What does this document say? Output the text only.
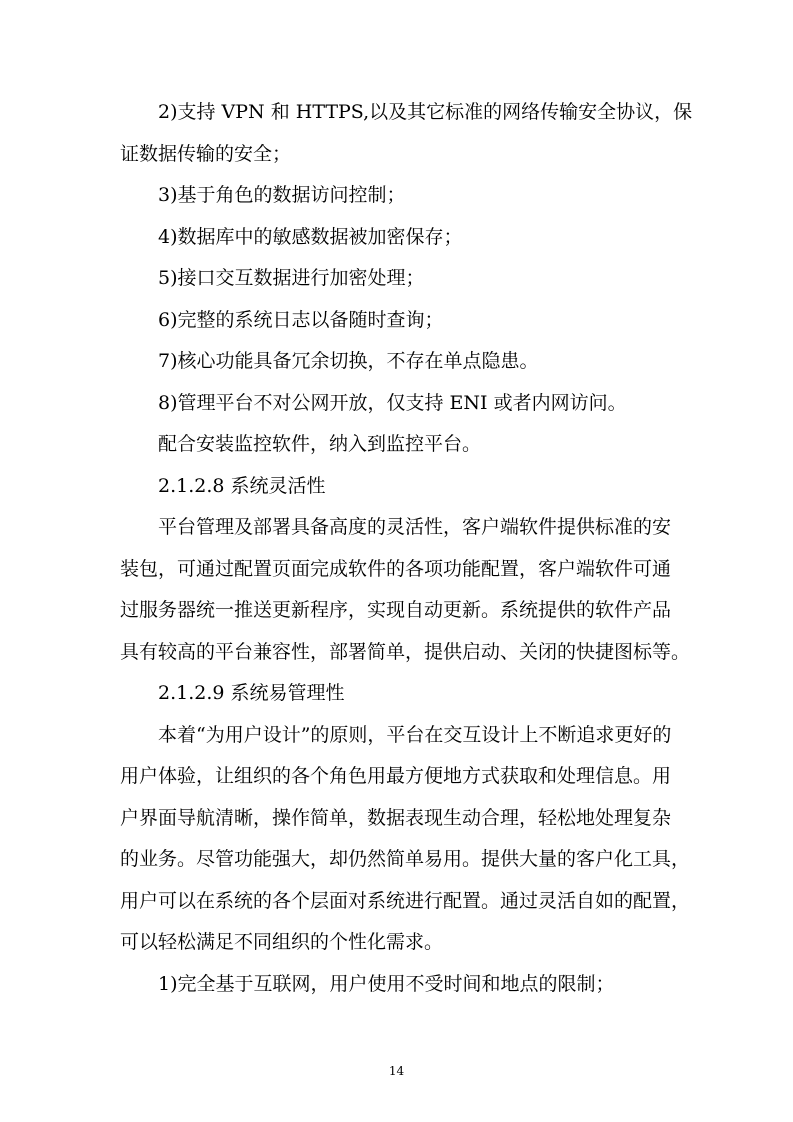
2)支持 VPN 和 HTTPS,以及其它标准的网络传输安全协议，保
证数据传输的安全；
3)基于角色的数据访问控制；
4)数据库中的敏感数据被加密保存；
5)接口交互数据进行加密处理；
6)完整的系统日志以备随时查询；
7)核心功能具备冗余切换，不存在单点隐患。
8)管理平台不对公网开放，仅支持 ENI 或者内网访问。
配合安装监控软件，纳入到监控平台。
2.1.2.8 系统灵活性
平台管理及部署具备高度的灵活性，客户端软件提供标准的安
装包，可通过配置页面完成软件的各项功能配置，客户端软件可通
过服务器统一推送更新程序，实现自动更新。系统提供的软件产品
具有较高的平台兼容性，部署简单，提供启动、关闭的快捷图标等。
2.1.2.9 系统易管理性
本着“为用户设计”的原则，平台在交互设计上不断追求更好的
用户体验，让组织的各个角色用最方便地方式获取和处理信息。用
户界面导航清晰，操作简单，数据表现生动合理，轻松地处理复杂
的业务。尽管功能强大，却仍然简单易用。提供大量的客户化工具，
用户可以在系统的各个层面对系统进行配置。通过灵活自如的配置，
可以轻松满足不同组织的个性化需求。
1)完全基于互联网，用户使用不受时间和地点的限制；
14
